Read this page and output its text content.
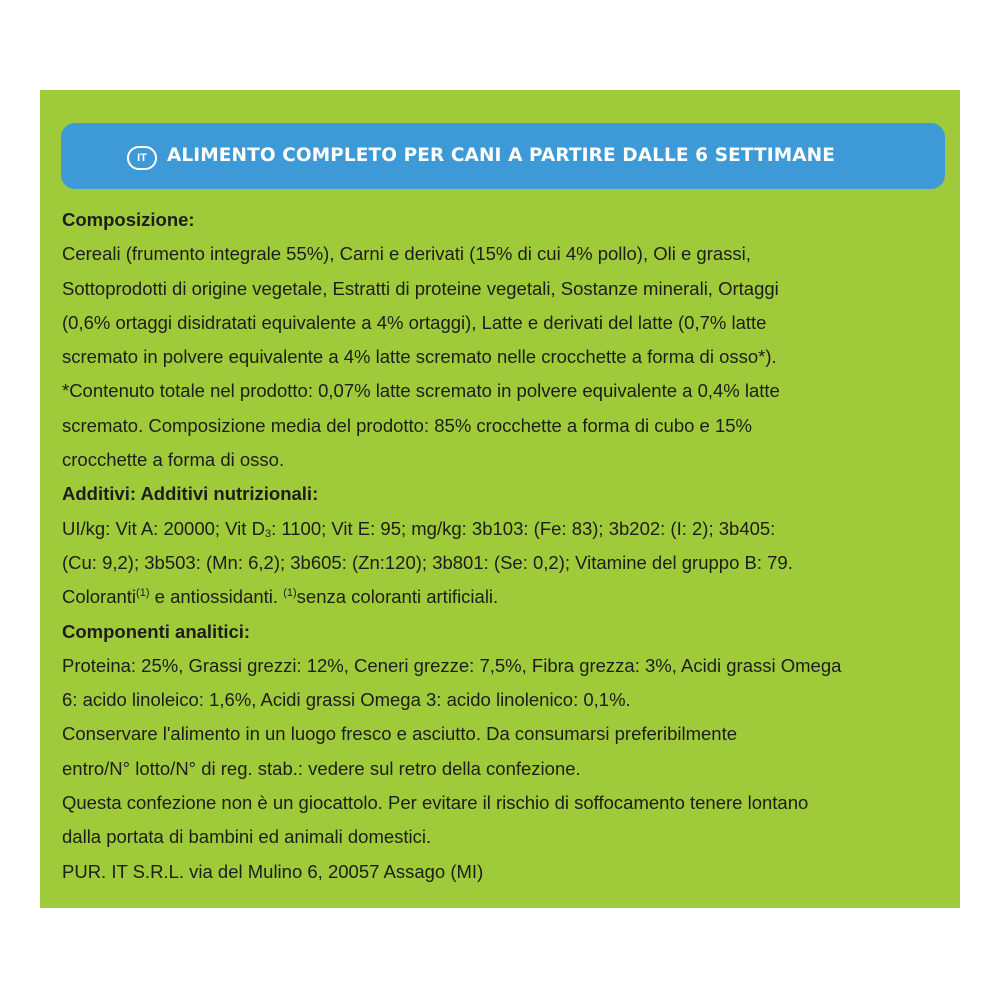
IT	ALIMENTO COMPLETO PER CANI A PARTIRE DALLE 6 SETTIMANE
Composizione:
Cereali (frumento integrale 55%), Carni e derivati (15% di cui 4% pollo), Oli e grassi,
Sottoprodotti di origine vegetale, Estratti di proteine vegetali, Sostanze minerali, Ortaggi
(0,6% ortaggi disidratati equivalente a 4% ortaggi), Latte e derivati del latte (0,7% latte
scremato in polvere equivalente a 4% latte scremato nelle crocchette a forma di osso*).
*Contenuto totale nel prodotto: 0,07% latte scremato in polvere equivalente a 0,4% latte
scremato. Composizione media del prodotto: 85% crocchette a forma di cubo e 15%
crocchette a forma di osso.
Additivi: Additivi nutrizionali:
UI/kg: Vit A: 20000; Vit $D_3$: 1100; Vit E: 95; mg/kg: 3b103: (Fe: 83); 3b202: (I: 2); 3b405:
(Cu: 9,2); 3b503: (Mn: 6,2); 3b605: (Zn:120); 3b801: (Se: 0,2); Vitamine del gruppo B: 79.
Coloranti$^{(1)}$ e antiossidanti. $^{(1)}$senza coloranti artificiali.
Componenti analitici:
Proteina: 25%, Grassi grezzi: 12%, Ceneri grezze: 7,5%, Fibra grezza: 3%, Acidi grassi Omega
6: acido linoleico: 1,6%, Acidi grassi Omega 3: acido linolenico: 0,1%.
Conservare l'alimento in un luogo fresco e asciutto. Da consumarsi preferibilmente
entro/N° lotto/N° di reg. stab.: vedere sul retro della confezione.
Questa confezione non è un giocattolo. Per evitare il rischio di soffocamento tenere lontano
dalla portata di bambini ed animali domestici.
PUR. IT S.R.L. via del Mulino 6, 20057 Assago (MI)
